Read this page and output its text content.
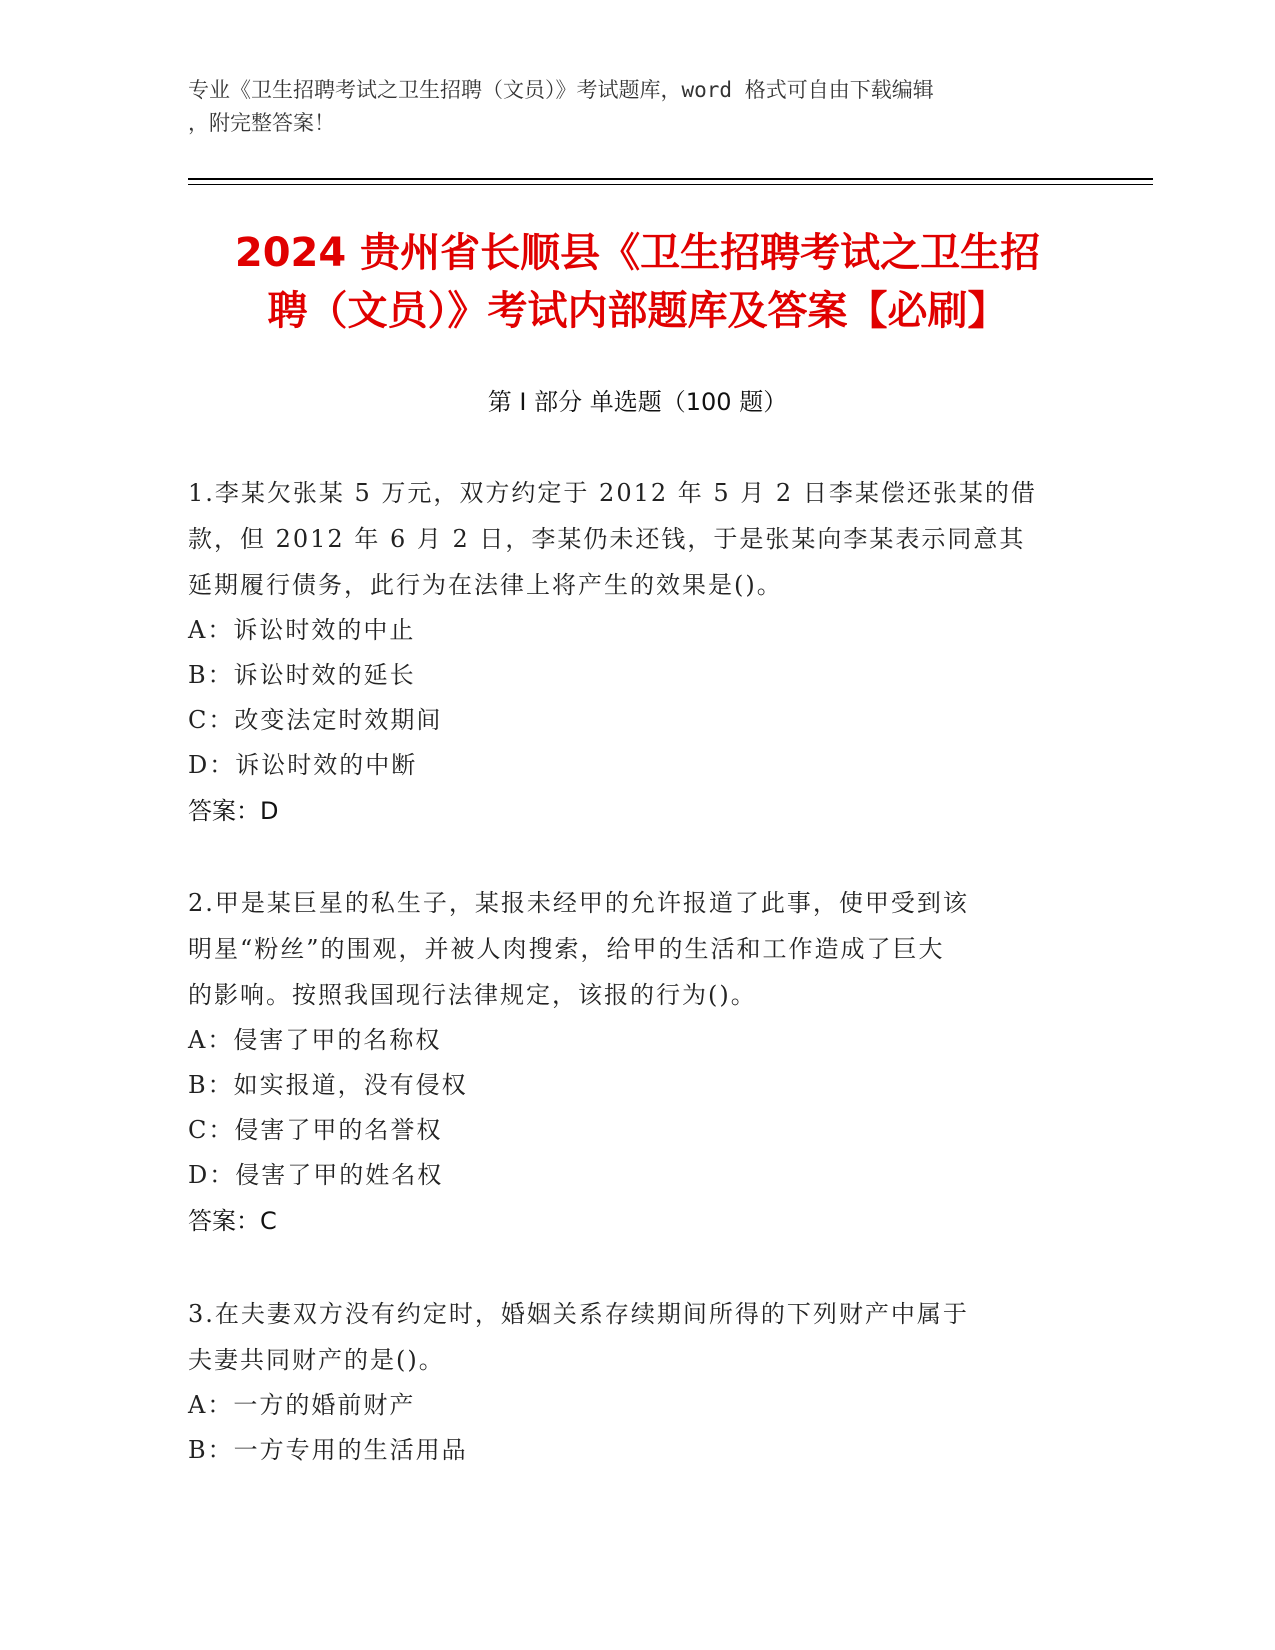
专业《卫生招聘考试之卫生招聘（文员）》考试题库，word 格式可自由下载编辑
，附完整答案！
2024 贵州省长顺县《卫生招聘考试之卫生招
聘（文员）》考试内部题库及答案【必刷】
第 I 部分 单选题（100 题）

1.李某欠张某 5 万元，双方约定于 2012 年 5 月 2 日李某偿还张某的借

款，但 2012 年 6 月 2 日，李某仍未还钱，于是张某向李某表示同意其

延期履行债务，此行为在法律上将产生的效果是()。

A：诉讼时效的中止

B：诉讼时效的延长

C：改变法定时效期间

D：诉讼时效的中断

答案：D

2.甲是某巨星的私生子，某报未经甲的允许报道了此事，使甲受到该

明星“粉丝”的围观，并被人肉搜索，给甲的生活和工作造成了巨大

的影响。按照我国现行法律规定，该报的行为()。

A：侵害了甲的名称权

B：如实报道，没有侵权

C：侵害了甲的名誉权

D：侵害了甲的姓名权

答案：C

3.在夫妻双方没有约定时，婚姻关系存续期间所得的下列财产中属于

夫妻共同财产的是()。

A：一方的婚前财产

B：一方专用的生活用品
